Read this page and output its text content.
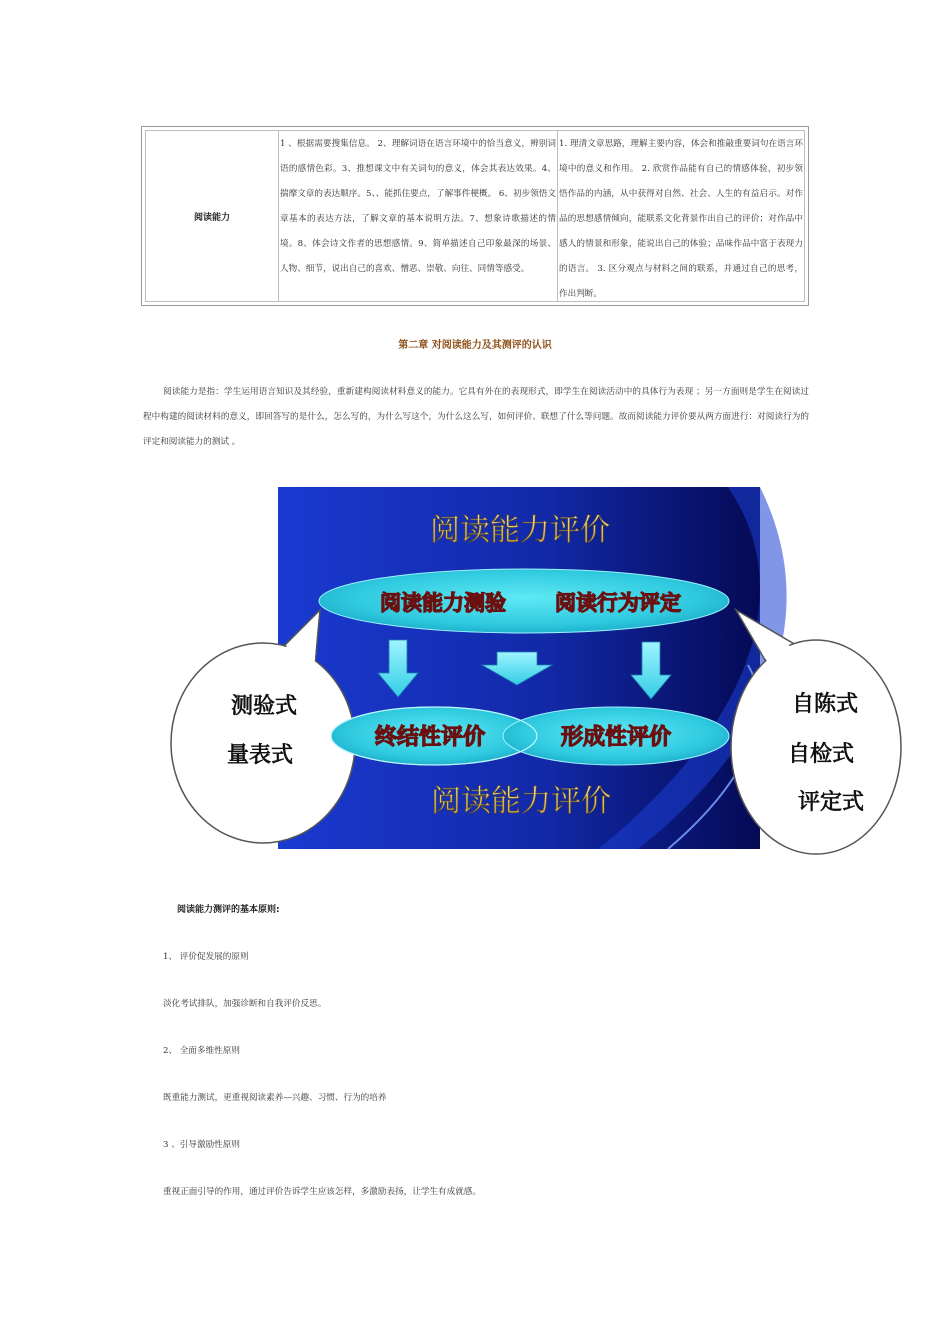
阅读能力
1 、根据需要搜集信息。 2、理解词语在语言环境中的恰当意义，辨别词语的感情色彩。3、推想课文中有关词句的意义，体会其表达效果。4、揣摩文章的表达顺序。5、、能抓住要点，了解事件梗概。 6、初步领悟文章基本的表达方法，了解文章的基本说明方法。7、想象诗歌描述的情境。8、体会诗文作者的思想感情。9、简单描述自己印象最深的场景、人物、细节，说出自己的喜欢、憎恶、崇敬、向往、同情等感受。
1. 理清文章思路，理解主要内容，体会和推敲重要词句在语言环境中的意义和作用。 2. 欣赏作品能有自己的情感体验，初步领悟作品的内涵，从中获得对自然、社会、人生的有益启示。对作品的思想感情倾向，能联系文化背景作出自己的评价；对作品中感人的情景和形象，能说出自己的体验；品味作品中富于表现力的语言。 3. 区分观点与材料之间的联系，并通过自己的思考，作出判断。
第二章 对阅读能力及其测评的认识
阅读能力是指：学生运用语言知识及其经验，重新建构阅读材料意义的能力。它具有外在的表现形式，即学生在阅读活动中的具体行为表现 ；另一方面则是学生在阅读过程中构建的阅读材料的意义，即回答写的是什么，怎么写的，为什么写这个，为什么这么写，如何评价、联想了什么等问题。故而阅读能力评价要从两方面进行：对阅读行为的评定和阅读能力的测试 。
阅读能力评价
阅读能力测验 阅读行为评定
终结性评价	形成性评价
阅读能力评价
测验式
量表式
自陈式
自检式
评定式
阅读能力测评的基本原则:
1、 评价促发展的原则
淡化考试排队，加强诊断和自我评价反思。
2、 全面多维性原则
既重能力测试，更重视阅读素养—兴趣、习惯、行为的培养
3 、引导激励性原则
重视正面引导的作用，通过评价告诉学生应该怎样，多激励表扬，让学生有成就感。
